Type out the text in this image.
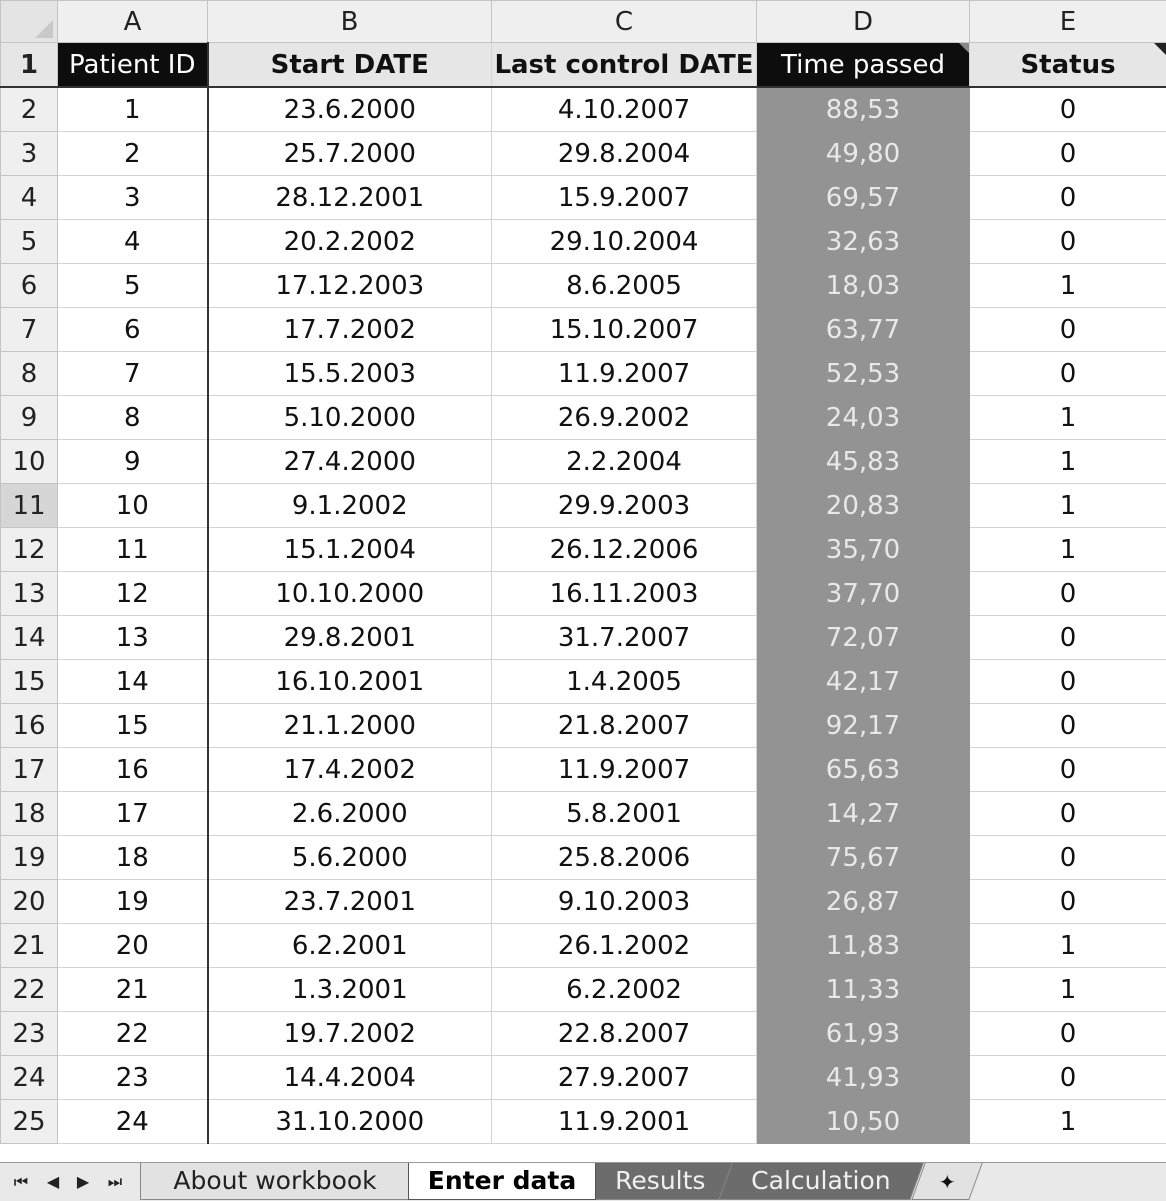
	A	B	C	D	E
1	Patient ID	Start DATE	Last control DATE	Time passed	Status
2	1	23.6.2000	4.10.2007	88,53	0
3	2	25.7.2000	29.8.2004	49,80	0
4	3	28.12.2001	15.9.2007	69,57	0
5	4	20.2.2002	29.10.2004	32,63	0
6	5	17.12.2003	8.6.2005	18,03	1
7	6	17.7.2002	15.10.2007	63,77	0
8	7	15.5.2003	11.9.2007	52,53	0
9	8	5.10.2000	26.9.2002	24,03	1
10	9	27.4.2000	2.2.2004	45,83	1
11	10	9.1.2002	29.9.2003	20,83	1
12	11	15.1.2004	26.12.2006	35,70	1
13	12	10.10.2000	16.11.2003	37,70	0
14	13	29.8.2001	31.7.2007	72,07	0
15	14	16.10.2001	1.4.2005	42,17	0
16	15	21.1.2000	21.8.2007	92,17	0
17	16	17.4.2002	11.9.2007	65,63	0
18	17	2.6.2000	5.8.2001	14,27	0
19	18	5.6.2000	25.8.2006	75,67	0
20	19	23.7.2001	9.10.2003	26,87	0
21	20	6.2.2001	26.1.2002	11,83	1
22	21	1.3.2001	6.2.2002	11,33	1
23	22	19.7.2002	22.8.2007	61,93	0
24	23	14.4.2004	27.9.2007	41,93	0
25	24	31.10.2000	11.9.2001	10,50	1
⏮	◀	▶	⏭	About workbook	Results	Calculation	✦
Enter data
